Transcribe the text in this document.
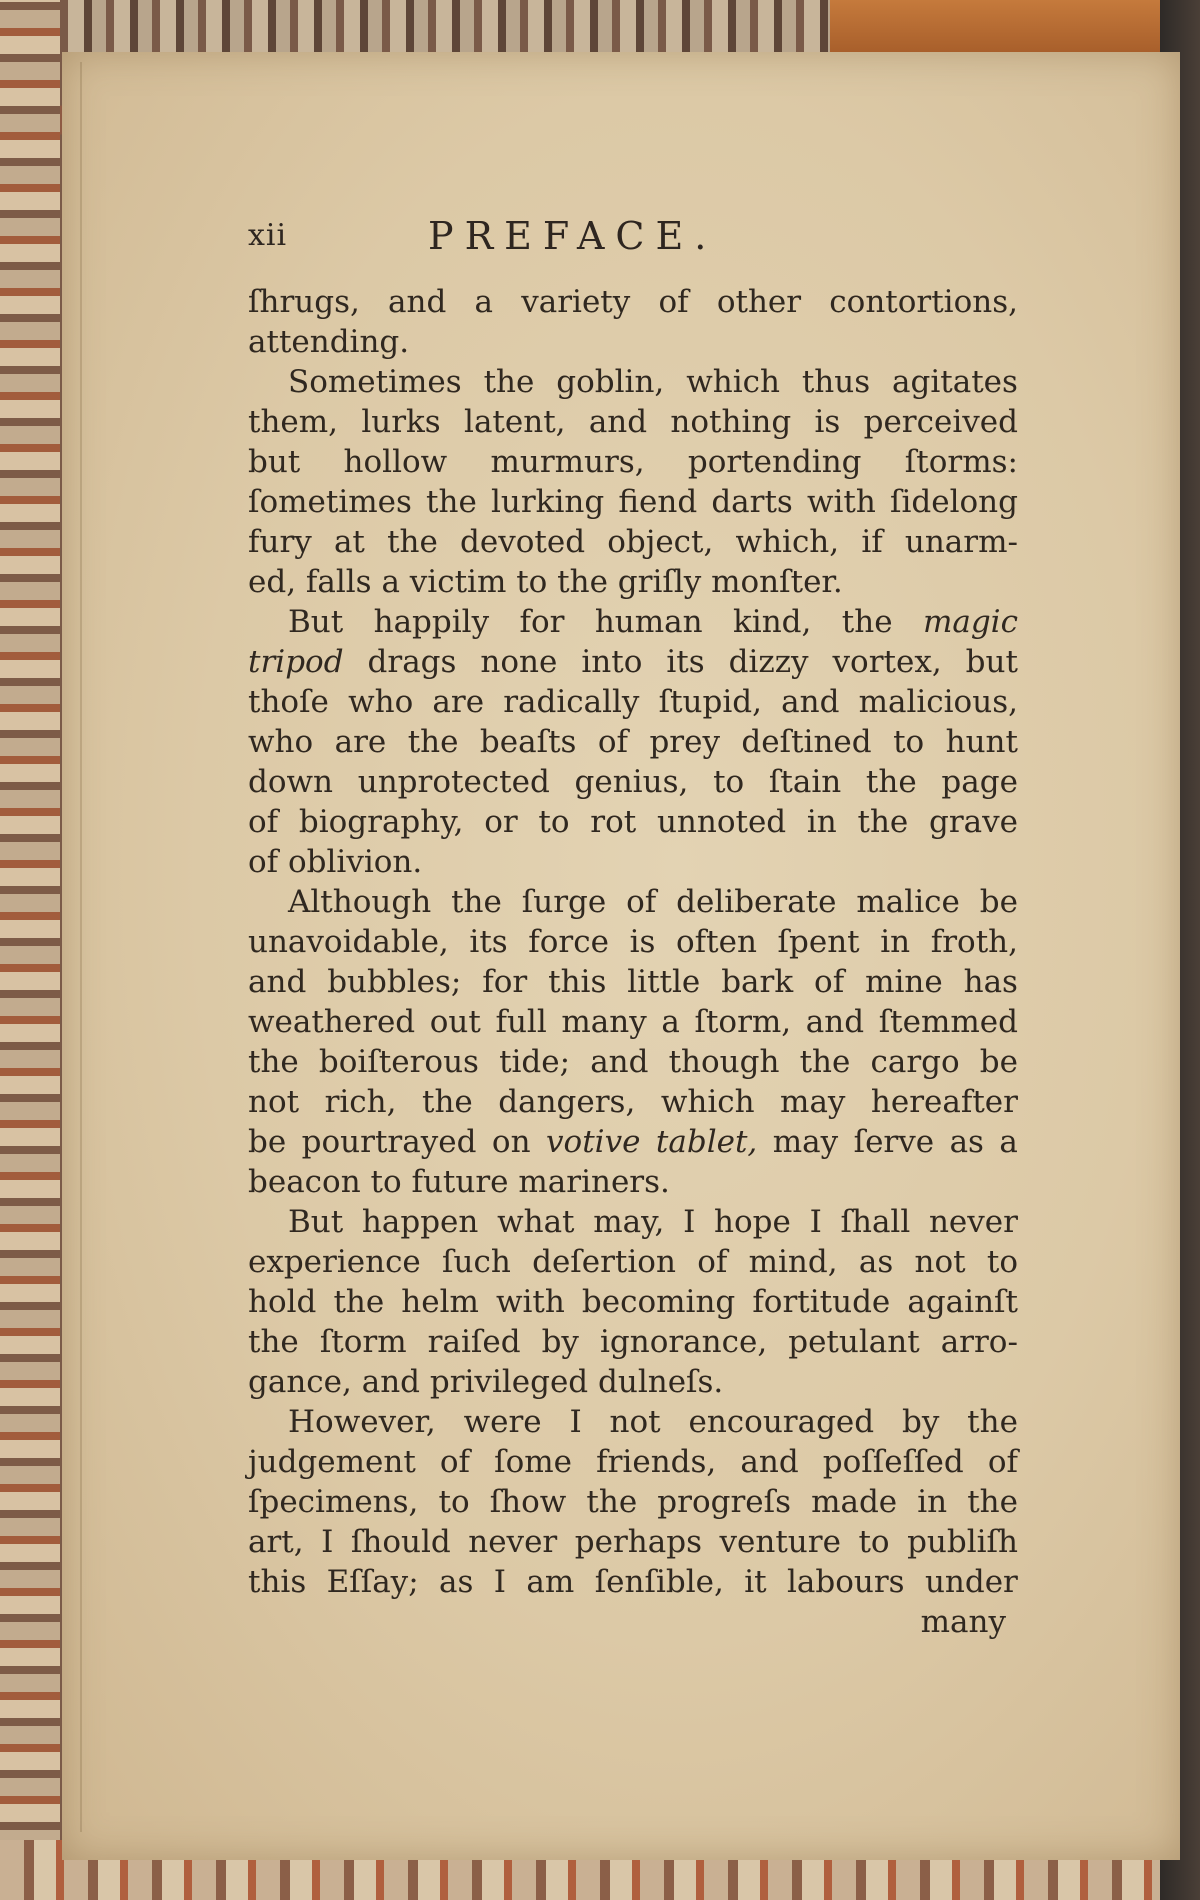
xii	PREFACE.
ſhrugs, and a variety of other contortions,
attending.
Sometimes the goblin, which thus agitates
them, lurks latent, and nothing is perceived
but hollow murmurs, portending ſtorms:
ſometimes the lurking fiend darts with ſidelong
fury at the devoted object, which, if unarm-
ed, falls a victim to the griſly monſter.
But happily for human kind, the magic
tripod drags none into its dizzy vortex, but
thoſe who are radically ſtupid, and malicious,
who are the beaſts of prey deſtined to hunt
down unprotected genius, to ſtain the page
of biography, or to rot unnoted in the grave
of oblivion.
Although the ſurge of deliberate malice be
unavoidable, its force is often ſpent in froth,
and bubbles; for this little bark of mine has
weathered out full many a ſtorm, and ſtemmed
the boiſterous tide; and though the cargo be
not rich, the dangers, which may hereafter
be pourtrayed on votive tablet, may ſerve as a
beacon to future mariners.
But happen what may, I hope I ſhall never
experience ſuch deſertion of mind, as not to
hold the helm with becoming fortitude againſt
the ſtorm raiſed by ignorance, petulant arro-
gance, and privileged dulneſs.
However, were I not encouraged by the
judgement of ſome friends, and poſſeſſed of
ſpecimens, to ſhow the progreſs made in the
art, I ſhould never perhaps venture to publiſh
this Eſſay; as I am ſenſible, it labours under
many
